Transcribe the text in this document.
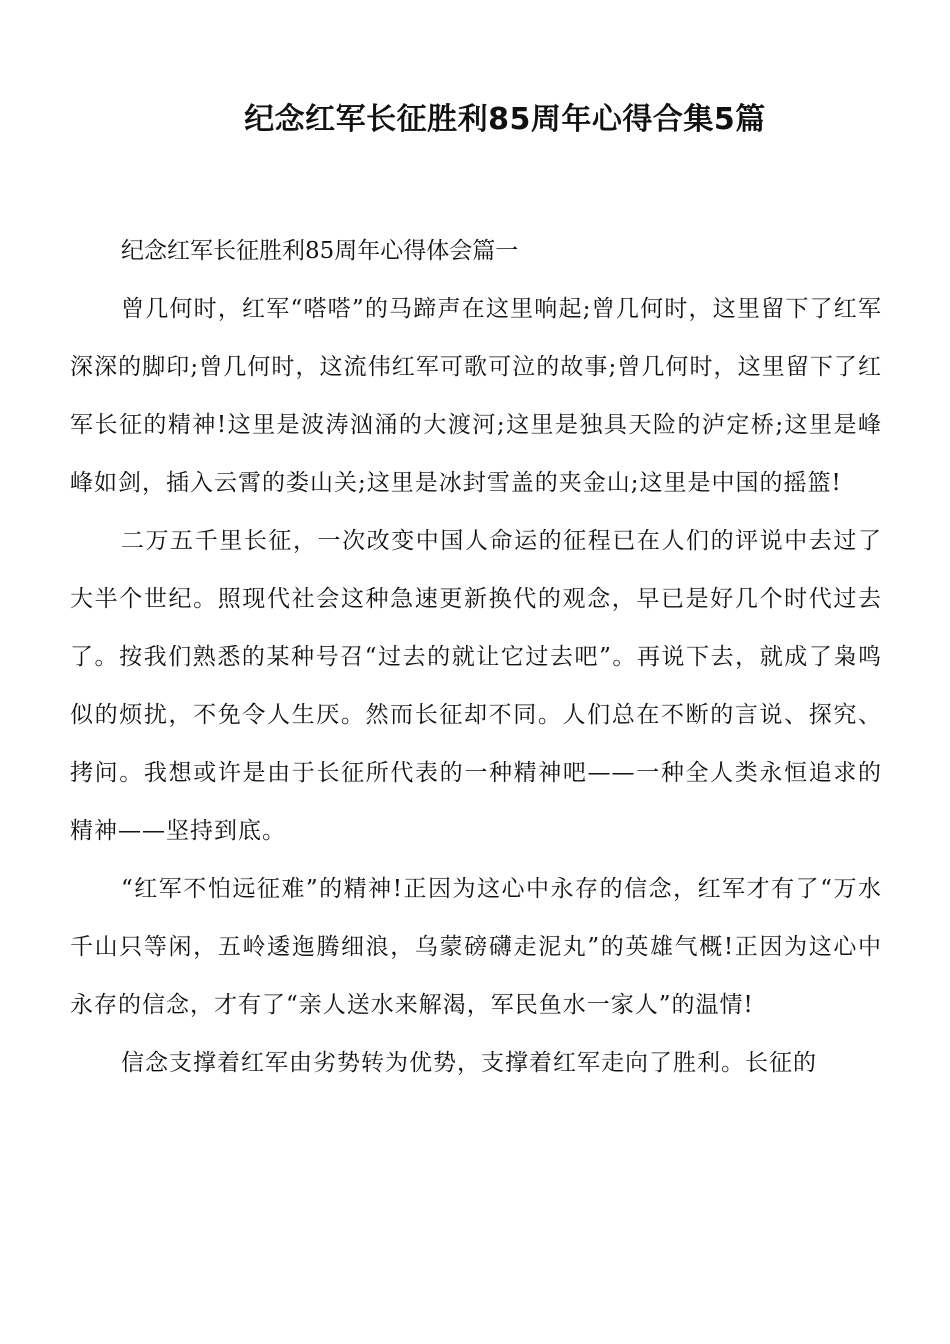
纪念红军长征胜利85周年心得合集5篇

纪念红军长征胜利85周年心得体会篇一

曾几何时，红军“嗒嗒”的马蹄声在这里响起;曾几何时，这里留下了红军深深的脚印;曾几何时，这流伟红军可歌可泣的故事;曾几何时，这里留下了红军长征的精神!这里是波涛汹涌的大渡河;这里是独具天险的泸定桥;这里是峰峰如剑，插入云霄的娄山关;这里是冰封雪盖的夹金山;这里是中国的摇篮!

二万五千里长征，一次改变中国人命运的征程已在人们的评说中去过了大半个世纪。照现代社会这种急速更新换代的观念，早已是好几个时代过去了。按我们熟悉的某种号召“过去的就让它过去吧”。再说下去，就成了枭鸣似的烦扰，不免令人生厌。然而长征却不同。人们总在不断的言说、探究、拷问。我想或许是由于长征所代表的一种精神吧——一种全人类永恒追求的精神——坚持到底。

“红军不怕远征难”的精神!正因为这心中永存的信念，红军才有了“万水千山只等闲，五岭逶迤腾细浪，乌蒙磅礴走泥丸”的英雄气概!正因为这心中永存的信念，才有了“亲人送水来解渴，军民鱼水一家人”的温情!

信念支撑着红军由劣势转为优势，支撑着红军走向了胜利。长征的
